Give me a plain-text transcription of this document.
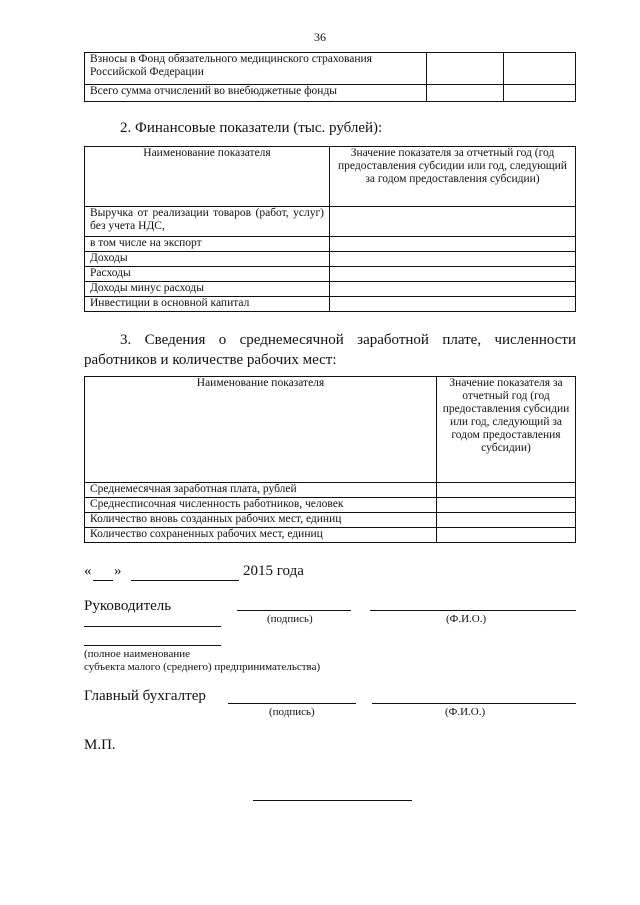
36
Взносы в Фонд обязательного медицинского страхования Российской Федерации		
Всего сумма отчислений во внебюджетные фонды		
2. Финансовые показатели (тыс. рублей):
Наименование показателя	Значение показателя за отчетный год (год предоставления субсидии или год, следующий за годом предоставления субсидии)
Выручка от реализации товаров (работ, услуг) без учета НДС,	
в том числе на экспорт	
Доходы	
Расходы	
Доходы минус расходы	
Инвестиции в основной капитал	
3. Сведения о среднемесячной заработной плате, численности работников и количестве рабочих мест:
Наименование показателя	Значение показателя за отчетный год (год предоставления субсидии или год, следующий за годом предоставления субсидии)
Среднемесячная заработная плата, рублей	
Среднесписочная численность работников, человек	
Количество вновь созданных рабочих мест, единиц	
Количество сохраненных рабочих мест, единиц	
« »	2015 года
Руководитель
(подпись)	(Ф.И.О.)
(полное наименование
субъекта малого (среднего) предпринимательства)
Главный бухгалтер
(подпись)	(Ф.И.О.)
М.П.
